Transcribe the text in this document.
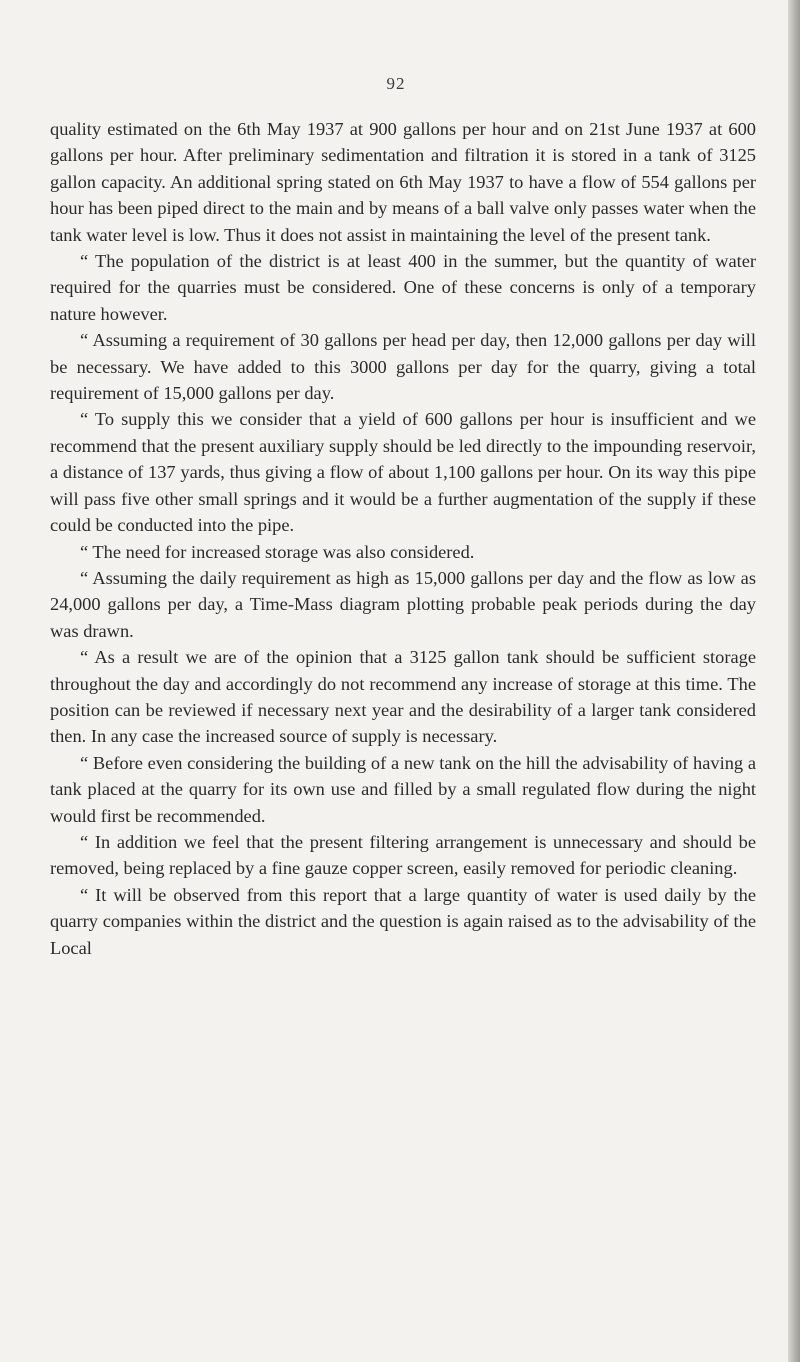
92

quality estimated on the 6th May 1937 at 900 gallons per hour and on 21st June 1937 at 600 gallons per hour. After preliminary sedimentation and filtration it is stored in a tank of 3125 gallon capacity. An additional spring stated on 6th May 1937 to have a flow of 554 gallons per hour has been piped direct to the main and by means of a ball valve only passes water when the tank water level is low. Thus it does not assist in maintaining the level of the present tank.

“ The population of the district is at least 400 in the summer, but the quantity of water required for the quarries must be considered. One of these concerns is only of a temporary nature however.

“ Assuming a requirement of 30 gallons per head per day, then 12,000 gallons per day will be necessary. We have added to this 3000 gallons per day for the quarry, giving a total requirement of 15,000 gallons per day.

“ To supply this we consider that a yield of 600 gallons per hour is insufficient and we recommend that the present auxiliary supply should be led directly to the impounding reservoir, a distance of 137 yards, thus giving a flow of about 1,100 gallons per hour. On its way this pipe will pass five other small springs and it would be a further augmentation of the supply if these could be conducted into the pipe.

“ The need for increased storage was also considered.

“ Assuming the daily requirement as high as 15,000 gallons per day and the flow as low as 24,000 gallons per day, a Time-Mass diagram plotting probable peak periods during the day was drawn.

“ As a result we are of the opinion that a 3125 gallon tank should be sufficient storage throughout the day and accordingly do not recommend any increase of storage at this time. The position can be reviewed if necessary next year and the desirability of a larger tank considered then. In any case the increased source of supply is necessary.

“ Before even considering the building of a new tank on the hill the advisability of having a tank placed at the quarry for its own use and filled by a small regulated flow during the night would first be recommended.

“ In addition we feel that the present filtering arrangement is unnecessary and should be removed, being replaced by a fine gauze copper screen, easily removed for periodic cleaning.

“ It will be observed from this report that a large quantity of water is used daily by the quarry companies within the district and the question is again raised as to the advisability of the Local
